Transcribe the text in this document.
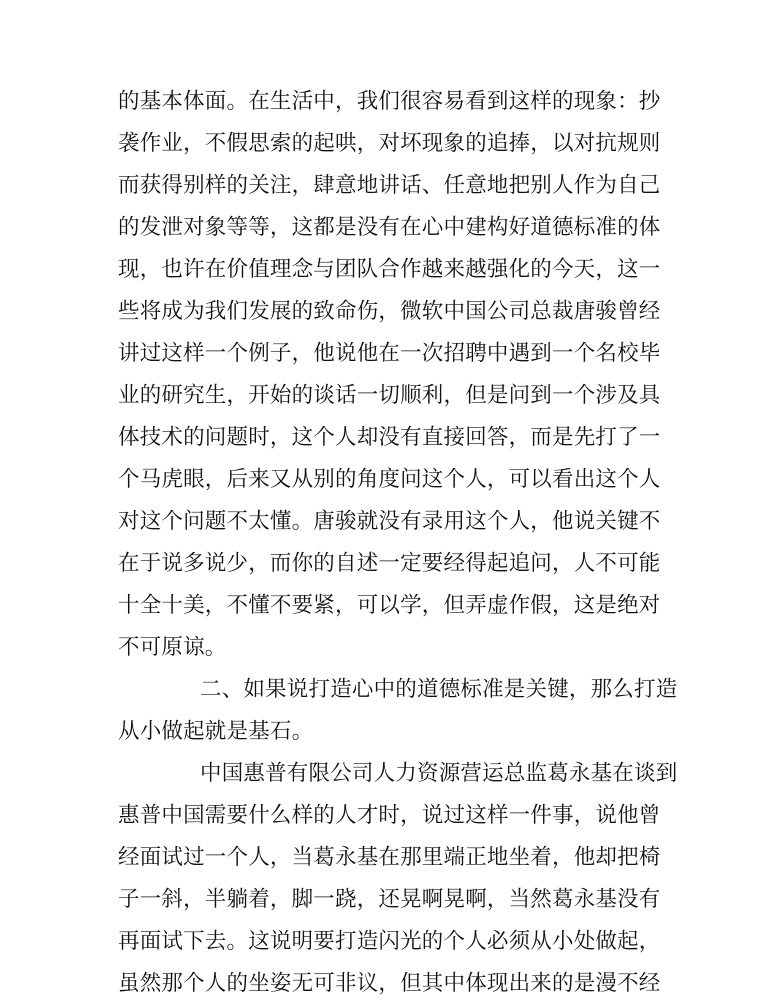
的基本体面。在生活中，我们很容易看到这样的现象：抄
袭作业，不假思索的起哄，对坏现象的追捧，以对抗规则
而获得别样的关注，肆意地讲话、任意地把别人作为自己
的发泄对象等等，这都是没有在心中建构好道德标准的体
现，也许在价值理念与团队合作越来越强化的今天，这一
些将成为我们发展的致命伤，微软中国公司总裁唐骏曾经
讲过这样一个例子，他说他在一次招聘中遇到一个名校毕
业的研究生，开始的谈话一切顺利，但是问到一个涉及具
体技术的问题时，这个人却没有直接回答，而是先打了一
个马虎眼，后来又从别的角度问这个人，可以看出这个人
对这个问题不太懂。唐骏就没有录用这个人，他说关键不
在于说多说少，而你的自述一定要经得起追问，人不可能
十全十美，不懂不要紧，可以学，但弄虚作假，这是绝对
不可原谅。
二、如果说打造心中的道德标准是关键，那么打造
从小做起就是基石。
中国惠普有限公司人力资源营运总监葛永基在谈到
惠普中国需要什么样的人才时，说过这样一件事，说他曾
经面试过一个人，当葛永基在那里端正地坐着，他却把椅
子一斜，半躺着，脚一跷，还晃啊晃啊，当然葛永基没有
再面试下去。这说明要打造闪光的个人必须从小处做起，
虽然那个人的坐姿无可非议，但其中体现出来的是漫不经
